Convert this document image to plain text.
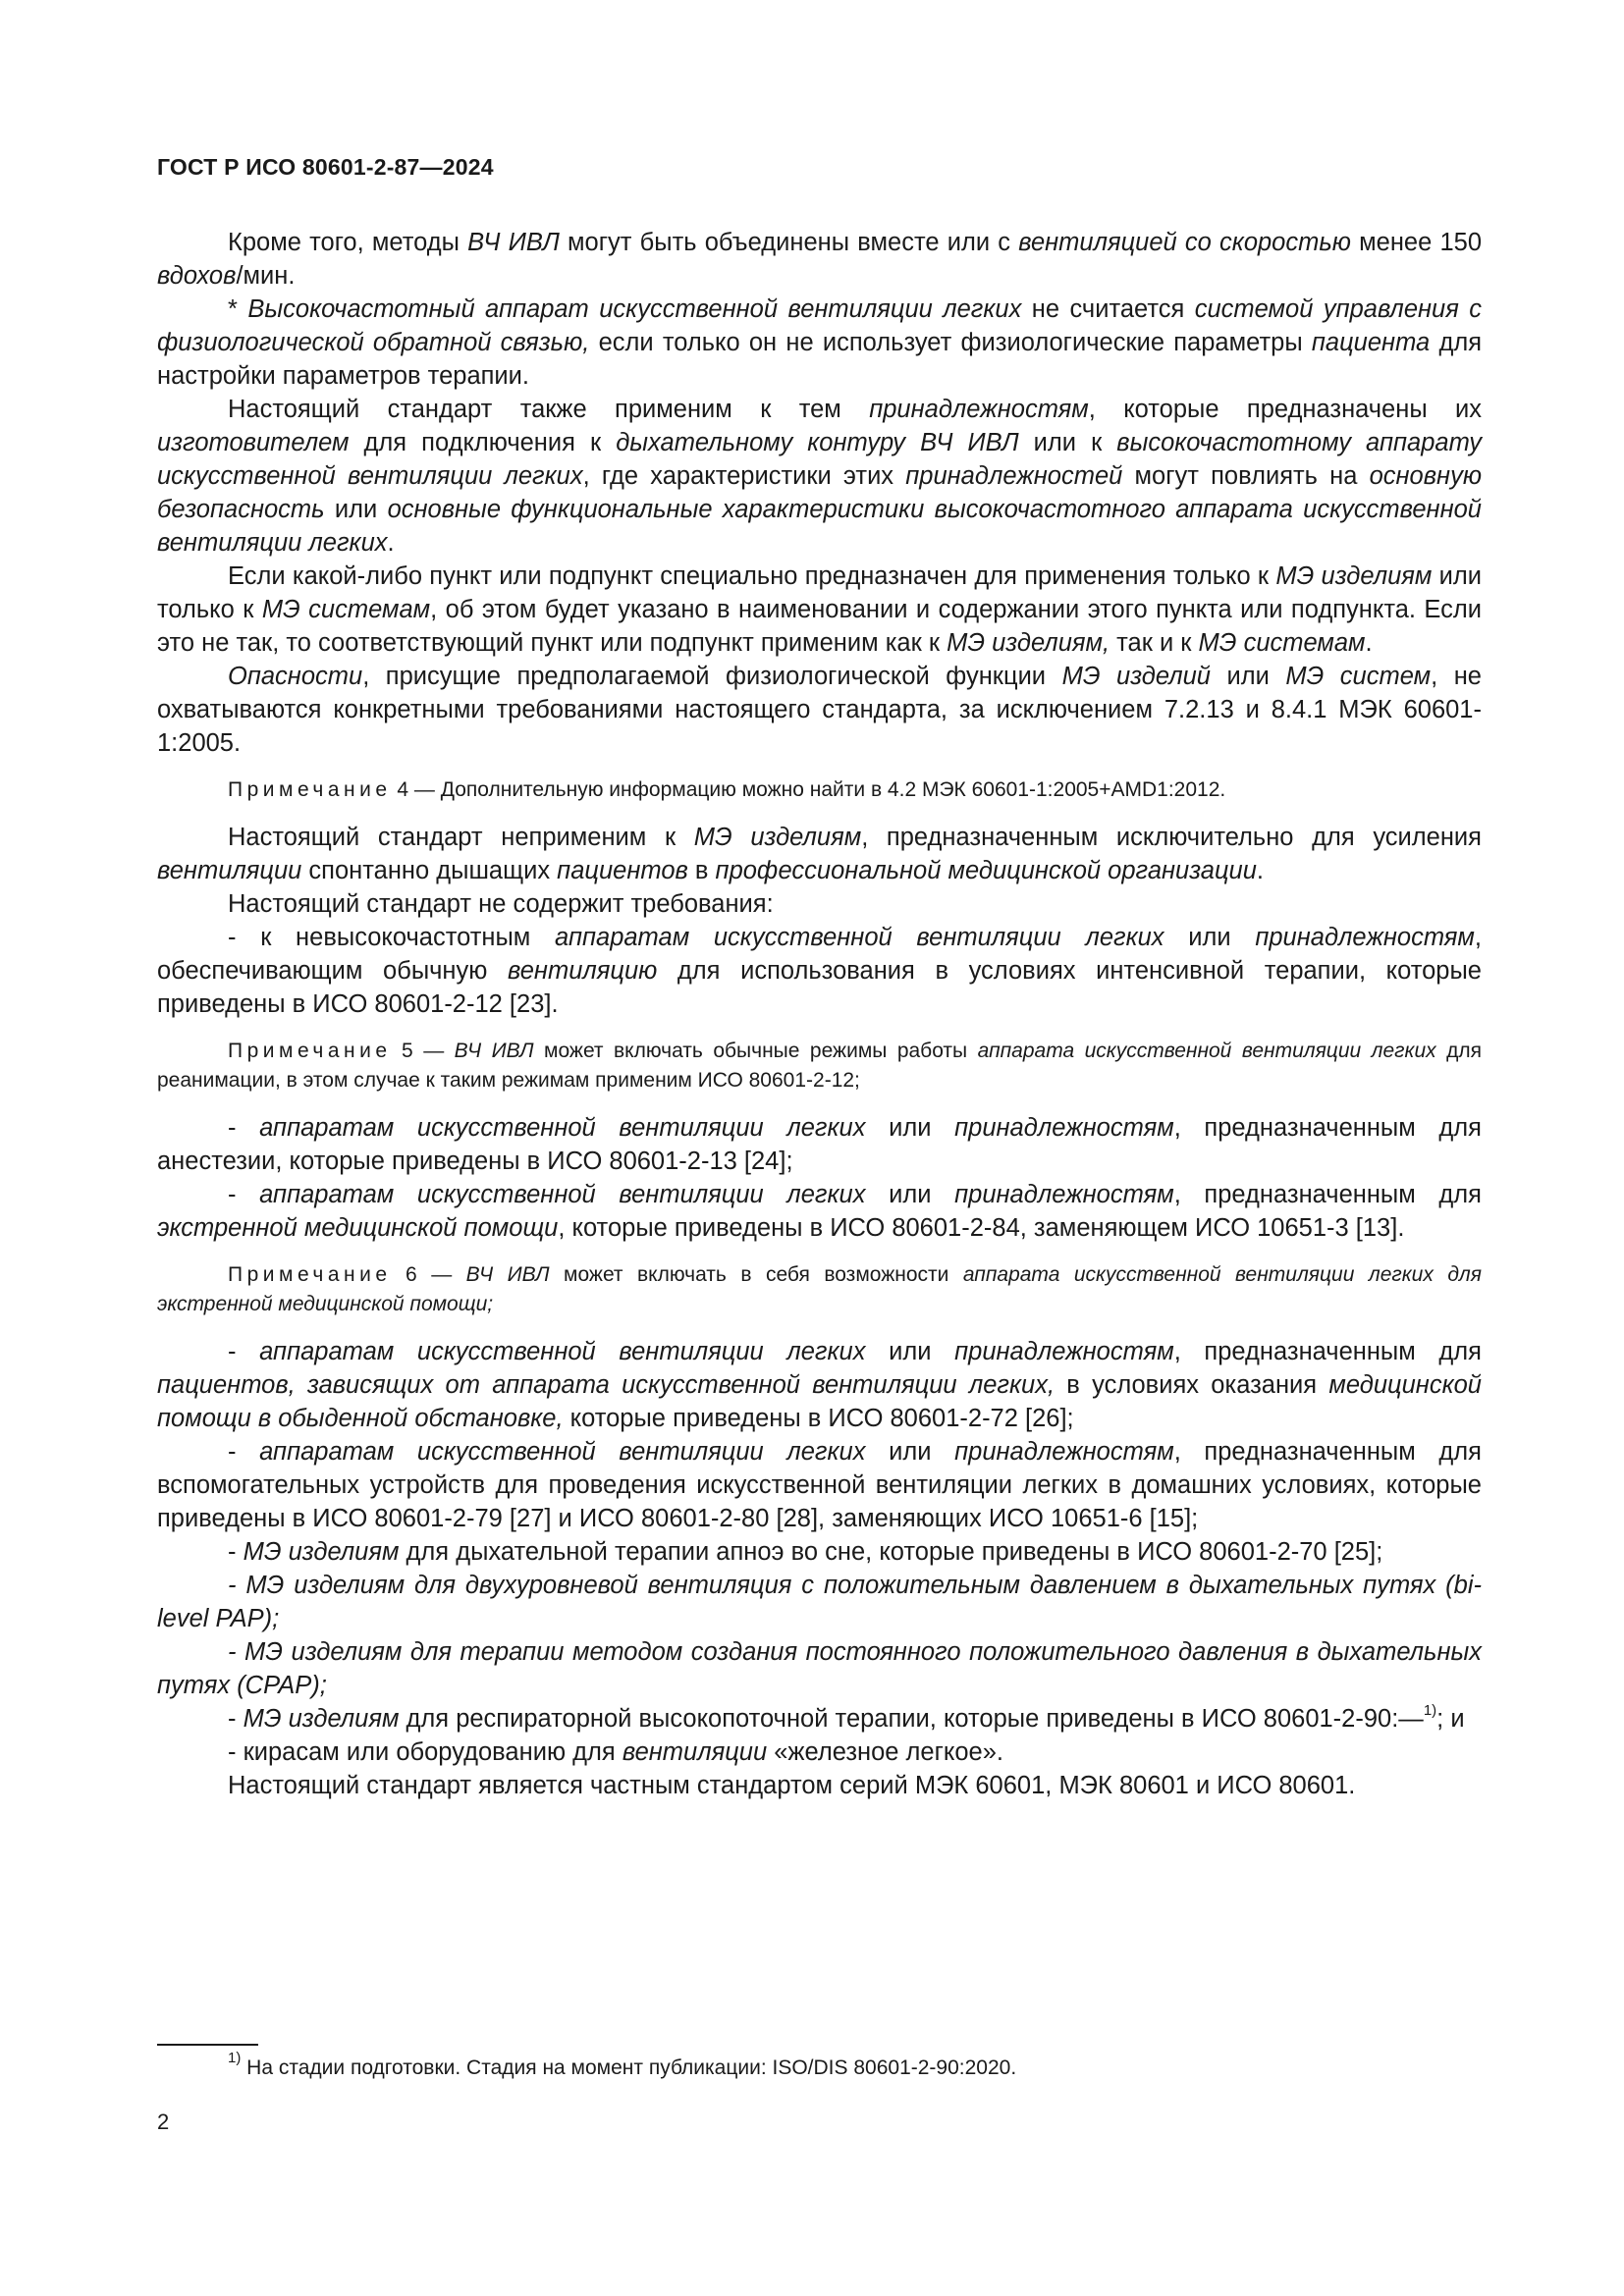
ГОСТ Р ИСО 80601-2-87—2024

Кроме того, методы ВЧ ИВЛ могут быть объединены вместе или с вентиляцией со скоростью менее 150 вдохов/мин.

* Высокочастотный аппарат искусственной вентиляции легких не считается системой управления с физиологической обратной связью, если только он не использует физиологические параметры пациента для настройки параметров терапии.

Настоящий стандарт также применим к тем принадлежностям, которые предназначены их изготовителем для подключения к дыхательному контуру ВЧ ИВЛ или к высокочастотному аппарату искусственной вентиляции легких, где характеристики этих принадлежностей могут повлиять на основную безопасность или основные функциональные характеристики высокочастотного аппарата искусственной вентиляции легких.

Если какой-либо пункт или подпункт специально предназначен для применения только к МЭ изделиям или только к МЭ системам, об этом будет указано в наименовании и содержании этого пункта или подпункта. Если это не так, то соответствующий пункт или подпункт применим как к МЭ изделиям, так и к МЭ системам.

Опасности, присущие предполагаемой физиологической функции МЭ изделий или МЭ систем, не охватываются конкретными требованиями настоящего стандарта, за исключением 7.2.13 и 8.4.1 МЭК 60601-1:2005.

Примечание 4 — Дополнительную информацию можно найти в 4.2 МЭК 60601-1:2005+AMD1:2012.

Настоящий стандарт неприменим к МЭ изделиям, предназначенным исключительно для усиления вентиляции спонтанно дышащих пациентов в профессиональной медицинской организации.

Настоящий стандарт не содержит требования:

- к невысокочастотным аппаратам искусственной вентиляции легких или принадлежностям, обеспечивающим обычную вентиляцию для использования в условиях интенсивной терапии, которые приведены в ИСО 80601-2-12 [23].

Примечание 5 — ВЧ ИВЛ может включать обычные режимы работы аппарата искусственной вентиляции легких для реанимации, в этом случае к таким режимам применим ИСО 80601-2-12;

- аппаратам искусственной вентиляции легких или принадлежностям, предназначенным для анестезии, которые приведены в ИСО 80601-2-13 [24];

- аппаратам искусственной вентиляции легких или принадлежностям, предназначенным для экстренной медицинской помощи, которые приведены в ИСО 80601-2-84, заменяющем ИСО 10651-3 [13].

Примечание 6 — ВЧ ИВЛ может включать в себя возможности аппарата искусственной вентиляции легких для экстренной медицинской помощи;

- аппаратам искусственной вентиляции легких или принадлежностям, предназначенным для пациентов, зависящих от аппарата искусственной вентиляции легких, в условиях оказания медицинской помощи в обыденной обстановке, которые приведены в ИСО 80601-2-72 [26];

- аппаратам искусственной вентиляции легких или принадлежностям, предназначенным для вспомогательных устройств для проведения искусственной вентиляции легких в домашних условиях, которые приведены в ИСО 80601-2-79 [27] и ИСО 80601-2-80 [28], заменяющих ИСО 10651-6 [15];

- МЭ изделиям для дыхательной терапии апноэ во сне, которые приведены в ИСО 80601-2-70 [25];

- МЭ изделиям для двухуровневой вентиляция с положительным давлением в дыхательных путях (bi-level PAP);

- МЭ изделиям для терапии методом создания постоянного положительного давления в дыхательных путях (CPAP);

- МЭ изделиям для респираторной высокопоточной терапии, которые приведены в ИСО 80601-2-90:—$^{1)}$; и

- кирасам или оборудованию для вентиляции «железное легкое».

Настоящий стандарт является частным стандартом серий МЭК 60601, МЭК 80601 и ИСО 80601.

$^{1)}$ На стадии подготовки. Стадия на момент публикации: ISO/DIS 80601-2-90:2020.
2
